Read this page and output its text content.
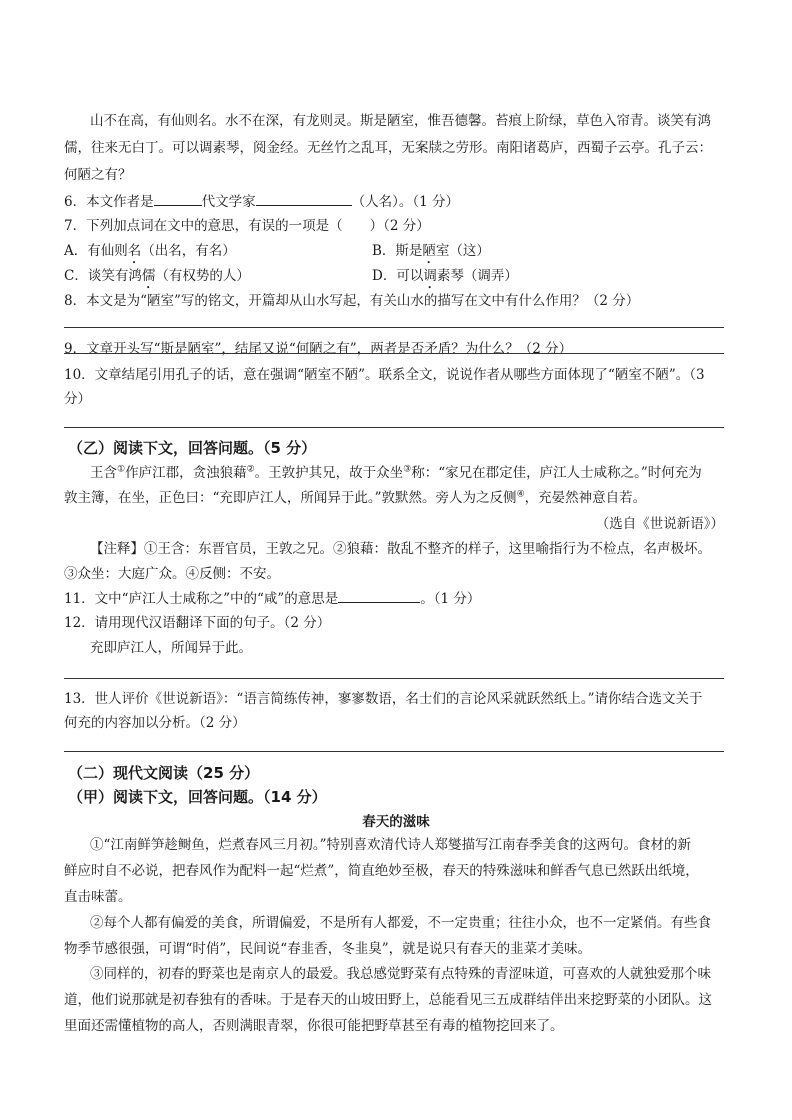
山不在高，有仙则名。水不在深，有龙则灵。斯是陋室，惟吾德馨。苔痕上阶绿，草色入帘青。谈笑有鸿
儒，往来无白丁。可以调素琴，阅金经。无丝竹之乱耳，无案牍之劳形。南阳诸葛庐，西蜀子云亭。孔子云：
何陋之有？
6．本文作者是	代文学家	（人名）。（1 分）
7．下列加点词在文中的意思，有误的一项是（　　）（2 分）
A．有仙则名（出名，有名）	B．斯是陋室（这）
C．谈笑有鸿儒（有权势的人）	D．可以调素琴（调弄）
8．本文是为“陋室”写的铭文，开篇却从山水写起，有关山水的描写在文中有什么作用？（2 分）
9．文章开头写“斯是陋室”，结尾又说“何陋之有”，两者是否矛盾？为什么？（2 分）
10．文章结尾引用孔子的话，意在强调“陋室不陋”。联系全文，说说作者从哪些方面体现了“陋室不陋”。（3
分）
（乙）阅读下文，回答问题。（5 分）
王含①作庐江郡，贪浊狼藉②。王敦护其兄，故于众坐③称：“家兄在郡定佳，庐江人士咸称之。”时何充为
敦主簿，在坐，正色曰：“充即庐江人，所闻异于此。”敦默然。旁人为之反侧④，充晏然神意自若。
（选自《世说新语》）
【注释】①王含：东晋官员，王敦之兄。②狼藉：散乱不整齐的样子，这里喻指行为不检点，名声极坏。
③众坐：大庭广众。④反侧：不安。
11．文中“庐江人士咸称之”中的“咸”的意思是	。（1 分）
12．请用现代汉语翻译下面的句子。（2 分）
充即庐江人，所闻异于此。
13．世人评价《世说新语》：“语言简练传神，寥寥数语，名士们的言论风采就跃然纸上。”请你结合选文关于
何充的内容加以分析。（2 分）
（二）现代文阅读（25 分）
（甲）阅读下文，回答问题。（14 分）
春天的滋味
①“江南鲜笋趁鲥鱼，烂煮春风三月初。”特别喜欢清代诗人郑燮描写江南春季美食的这两句。食材的新
鲜应时自不必说，把春风作为配料一起“烂煮”，简直绝妙至极，春天的特殊滋味和鲜香气息已然跃出纸境，
直击味蕾。
②每个人都有偏爱的美食，所谓偏爱，不是所有人都爱，不一定贵重；往往小众，也不一定紧俏。有些食
物季节感很强，可谓“时俏”，民间说“春韭香，冬韭臭”，就是说只有春天的韭菜才美味。
③同样的，初春的野菜也是南京人的最爱。我总感觉野菜有点特殊的青涩味道，可喜欢的人就独爱那个味
道，他们说那就是初春独有的香味。于是春天的山坡田野上，总能看见三五成群结伴出来挖野菜的小团队。这
里面还需懂植物的高人，否则满眼青翠，你很可能把野草甚至有毒的植物挖回来了。
